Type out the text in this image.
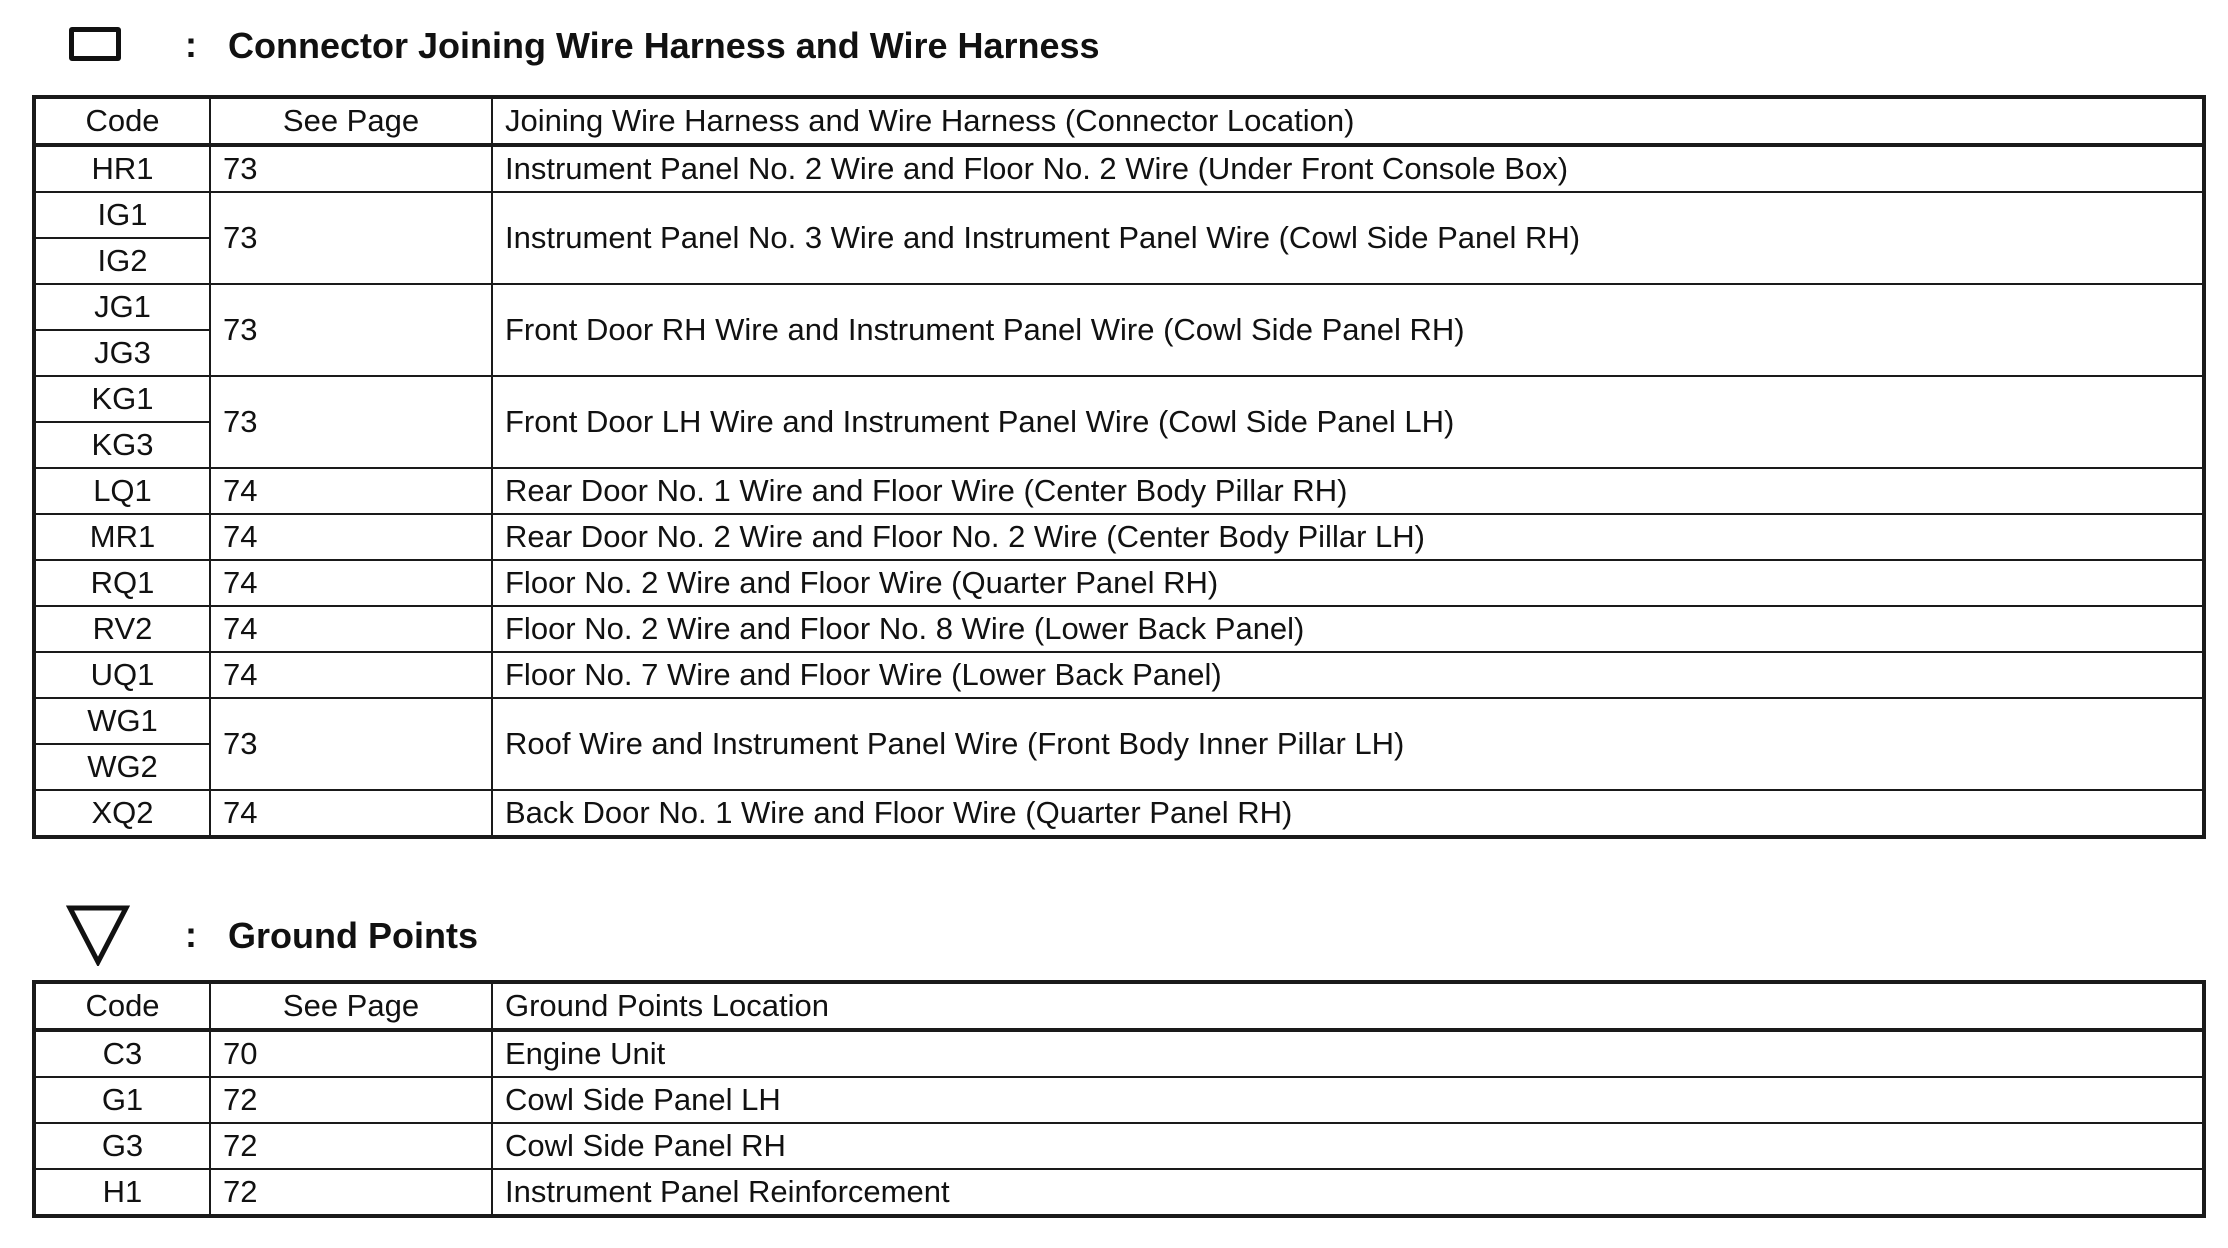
: Connector Joining Wire Harness and Wire Harness
Code	See Page	Joining Wire Harness and Wire Harness (Connector Location)
HR1	73	Instrument Panel No. 2 Wire and Floor No. 2 Wire (Under Front Console Box)
IG1	73	Instrument Panel No. 3 Wire and Instrument Panel Wire (Cowl Side Panel RH)
IG2		
JG1	73	Front Door RH Wire and Instrument Panel Wire (Cowl Side Panel RH)
JG3		
KG1	73	Front Door LH Wire and Instrument Panel Wire (Cowl Side Panel LH)
KG3		
LQ1	74	Rear Door No. 1 Wire and Floor Wire (Center Body Pillar RH)
MR1	74	Rear Door No. 2 Wire and Floor No. 2 Wire (Center Body Pillar LH)
RQ1	74	Floor No. 2 Wire and Floor Wire (Quarter Panel RH)
RV2	74	Floor No. 2 Wire and Floor No. 8 Wire (Lower Back Panel)
UQ1	74	Floor No. 7 Wire and Floor Wire (Lower Back Panel)
WG1	73	Roof Wire and Instrument Panel Wire (Front Body Inner Pillar LH)
WG2		
XQ2	74	Back Door No. 1 Wire and Floor Wire (Quarter Panel RH)
: Ground Points
Code	See Page	Ground Points Location
C3	70	Engine Unit
G1	72	Cowl Side Panel LH
G3	72	Cowl Side Panel RH
H1	72	Instrument Panel Reinforcement
